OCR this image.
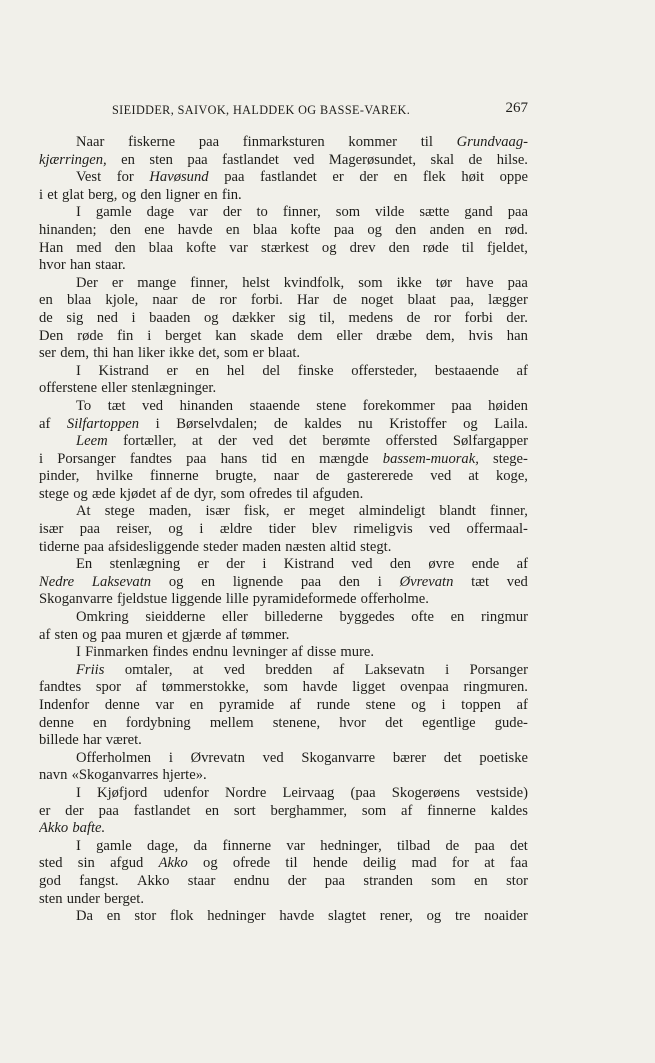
SIEIDDER, SAIVOK, HALDDEK OG BASSE-VAREK.	267
Naar fiskerne paa finmarksturen kommer til Grundvaag-
kjærringen, en sten paa fastlandet ved Magerøsundet, skal de hilse.
Vest for Havøsund paa fastlandet er der en flek høit oppe
i et glat berg, og den ligner en fin.
I gamle dage var der to finner, som vilde sætte gand paa
hinanden; den ene havde en blaa kofte paa og den anden en rød.
Han med den blaa kofte var stærkest og drev den røde til fjeldet,
hvor han staar.
Der er mange finner, helst kvindfolk, som ikke tør have paa
en blaa kjole, naar de ror forbi. Har de noget blaat paa, lægger
de sig ned i baaden og dækker sig til, medens de ror forbi der.
Den røde fin i berget kan skade dem eller dræbe dem, hvis han
ser dem, thi han liker ikke det, som er blaat.
I Kistrand er en hel del finske offersteder, bestaaende af
offerstene eller stenlægninger.
To tæt ved hinanden staaende stene forekommer paa høiden
af Silfartoppen i Børselvdalen; de kaldes nu Kristoffer og Laila.
Leem fortæller, at der ved det berømte offersted Sølfargapper
i Porsanger fandtes paa hans tid en mængde bassem-muorak, stege-
pinder, hvilke finnerne brugte, naar de gastererede ved at koge,
stege og æde kjødet af de dyr, som ofredes til afguden.
At stege maden, især fisk, er meget almindeligt blandt finner,
især paa reiser, og i ældre tider blev rimeligvis ved offermaal-
tiderne paa afsidesliggende steder maden næsten altid stegt.
En stenlægning er der i Kistrand ved den øvre ende af
Nedre Laksevatn og en lignende paa den i Øvrevatn tæt ved
Skoganvarre fjeldstue liggende lille pyramideformede offerholme.
Omkring sieidderne eller billederne byggedes ofte en ringmur
af sten og paa muren et gjærde af tømmer.
I Finmarken findes endnu levninger af disse mure.
Friis omtaler, at ved bredden af Laksevatn i Porsanger
fandtes spor af tømmerstokke, som havde ligget ovenpaa ringmuren.
Indenfor denne var en pyramide af runde stene og i toppen af
denne en fordybning mellem stenene, hvor det egentlige gude-
billede har været.
Offerholmen i Øvrevatn ved Skoganvarre bærer det poetiske
navn «Skoganvarres hjerte».
I Kjøfjord udenfor Nordre Leirvaag (paa Skogerøens vestside)
er der paa fastlandet en sort berghammer, som af finnerne kaldes
Akko bafte.
I gamle dage, da finnerne var hedninger, tilbad de paa det
sted sin afgud Akko og ofrede til hende deilig mad for at faa
god fangst. Akko staar endnu der paa stranden som en stor
sten under berget.
Da en stor flok hedninger havde slagtet rener, og tre noaider
